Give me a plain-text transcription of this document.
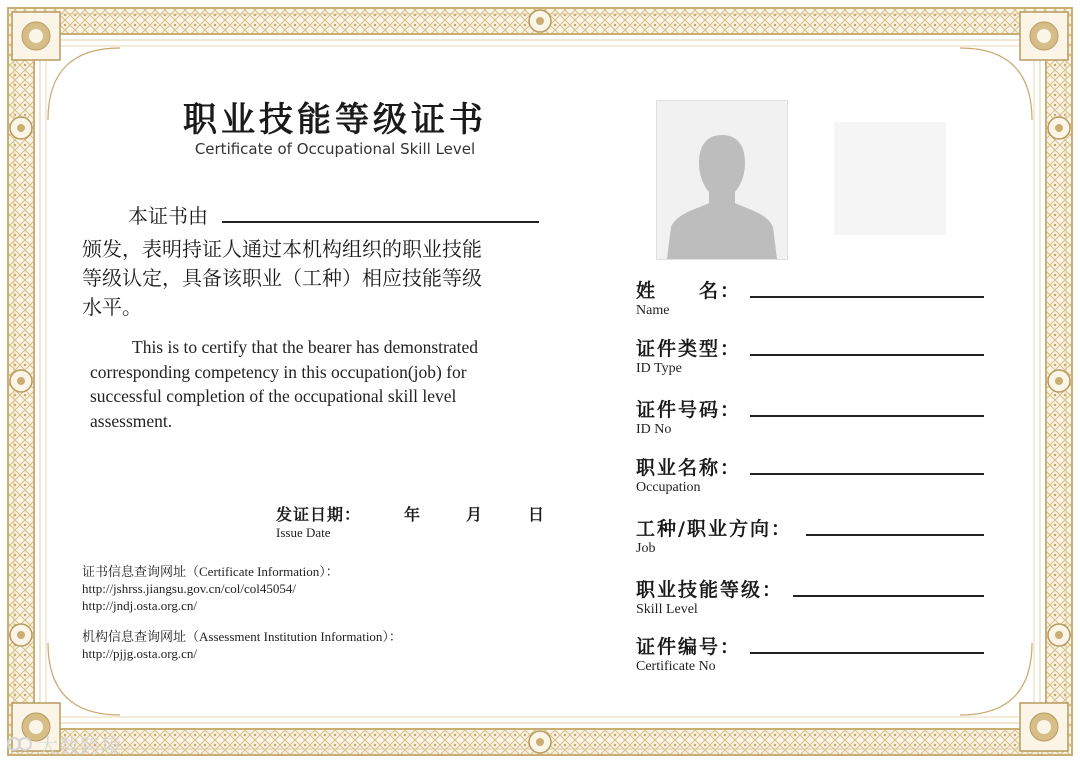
职业技能等级证书
Certificate of Occupational Skill Level
本证书由
颁发，表明持证人通过本机构组织的职业技能
等级认定，具备该职业（工种）相应技能等级
水平。
This is to certify that the bearer has demonstrated
corresponding competency in this occupation(job) for
successful completion of the occupational skill level
assessment.
发证日期：	年	月	日
Issue Date
证书信息查询网址（Certificate Information）：
http://jshrss.jiangsu.gov.cn/col/col45054/
http://jndj.osta.org.cn/
机构信息查询网址（Assessment Institution Information）：
http://pjjg.osta.org.cn/
姓　　名：
Name
证件类型：
ID Type
证件号码：
ID No
职业名称：
Occupation
工种/职业方向：
Job
职业技能等级：
Skill Level
证件编号：
Certificate No
大数跨境
